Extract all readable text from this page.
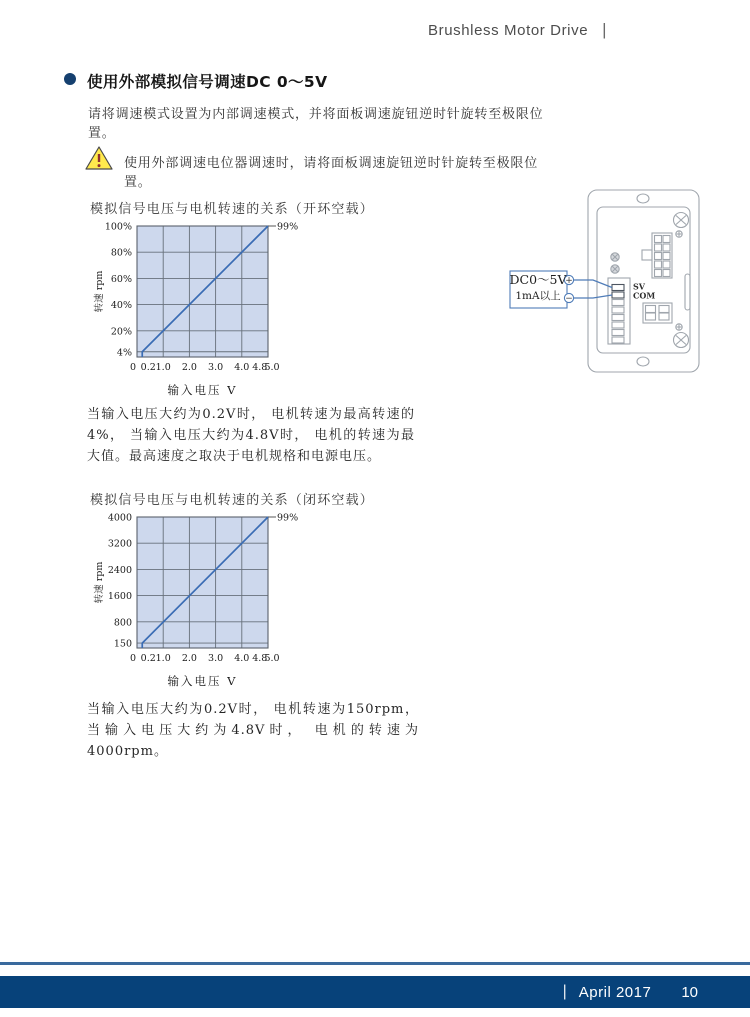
Brushless Motor Drive |
使用外部模拟信号调速DC 0～5V
请将调速模式设置为内部调速模式，并将面板调速旋钮逆时针旋转至极限位置。
使用外部调速电位器调速时，请将面板调速旋钮逆时针旋转至极限位置。
模拟信号电压与电机转速的关系（开环空载）
4%
20%
40%
60%
80%
100%
0 0.2 1.0 2.0 3.0 4.0 4.8
5.0
99%
转速 rpm
输入电压 V
当输入电压大约为0.2V时， 电机转速为最高转速的4%， 当输入电压大约为4.8V时， 电机的转速为最大值。最高速度之取决于电机规格和电源电压。
模拟信号电压与电机转速的关系（闭环空载）
150
800
1600
2400
3200
4000
0 0.2 1.0 2.0 3.0 4.0 4.8
5.0
99%
转速 rpm
输入电压 V
当输入电压大约为0.2V时， 电机转速为150rpm， 当输入电压大约为4.8V时， 电机的转速为4000rpm。
+
−
DC0～5V
1mA以上
SV
COM
| April 2017 10
